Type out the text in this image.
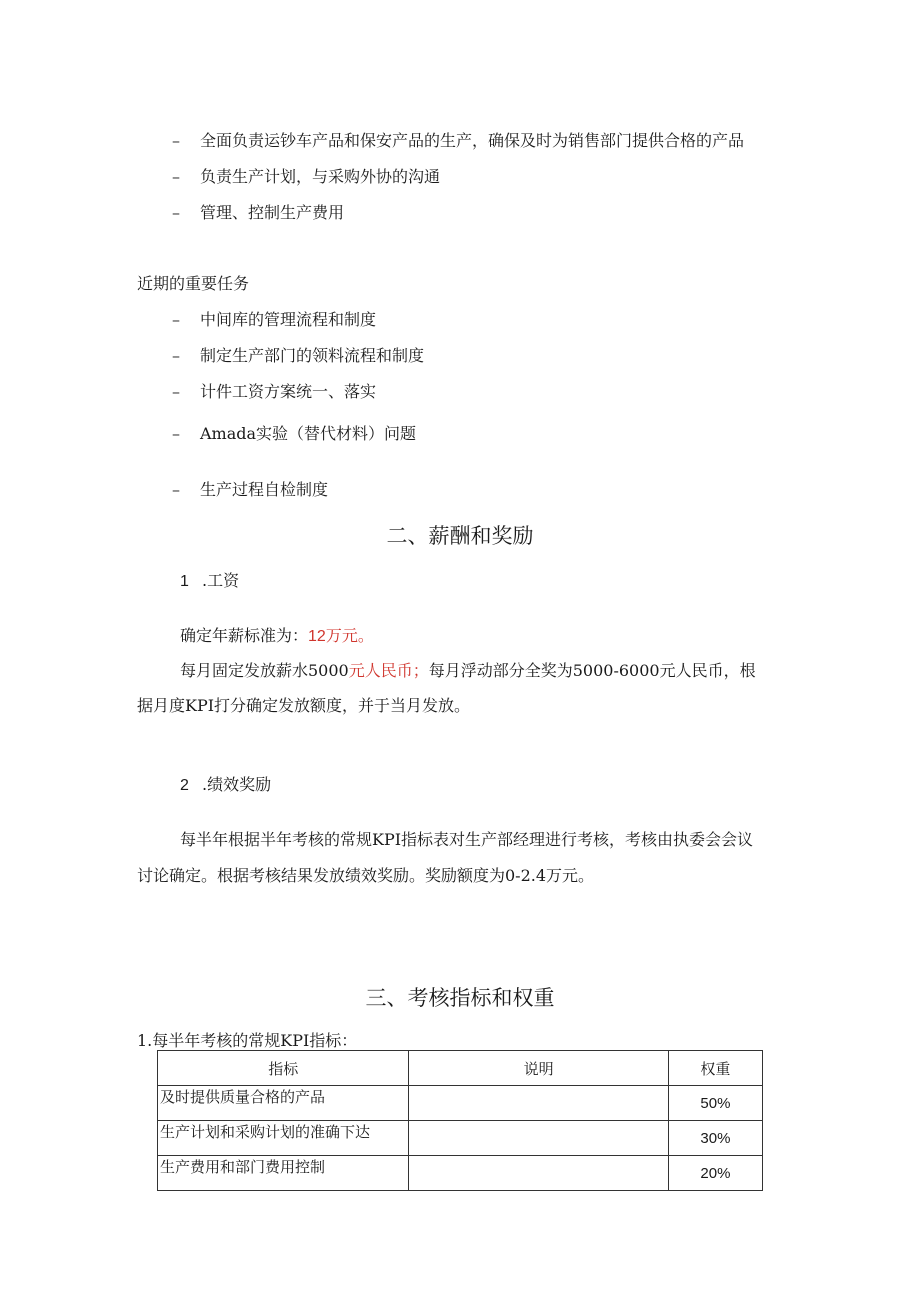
– 全面负责运钞车产品和保安产品的生产，确保及时为销售部门提供合格的产品
– 负责生产计划，与采购外协的沟通
– 管理、控制生产费用
近期的重要任务
– 中间库的管理流程和制度
– 制定生产部门的领料流程和制度
– 计件工资方案统一、落实
– Amada实验（替代材料）问题
– 生产过程自检制度
二、薪酬和奖励
1 .工资
确定年薪标准为：12万元。
每月固定发放薪水5000元人民币；每月浮动部分全奖为5000-6000元人民币，根
据月度KPI打分确定发放额度，并于当月发放。
2 .绩效奖励
每半年根据半年考核的常规KPI指标表对生产部经理进行考核，考核由执委会会议
讨论确定。根据考核结果发放绩效奖励。奖励额度为0-2.4万元。
三、考核指标和权重
1.每半年考核的常规KPI指标：
指标	说明	权重
及时提供质量合格的产品		50%
生产计划和采购计划的准确下达		30%
生产费用和部门费用控制		20%
